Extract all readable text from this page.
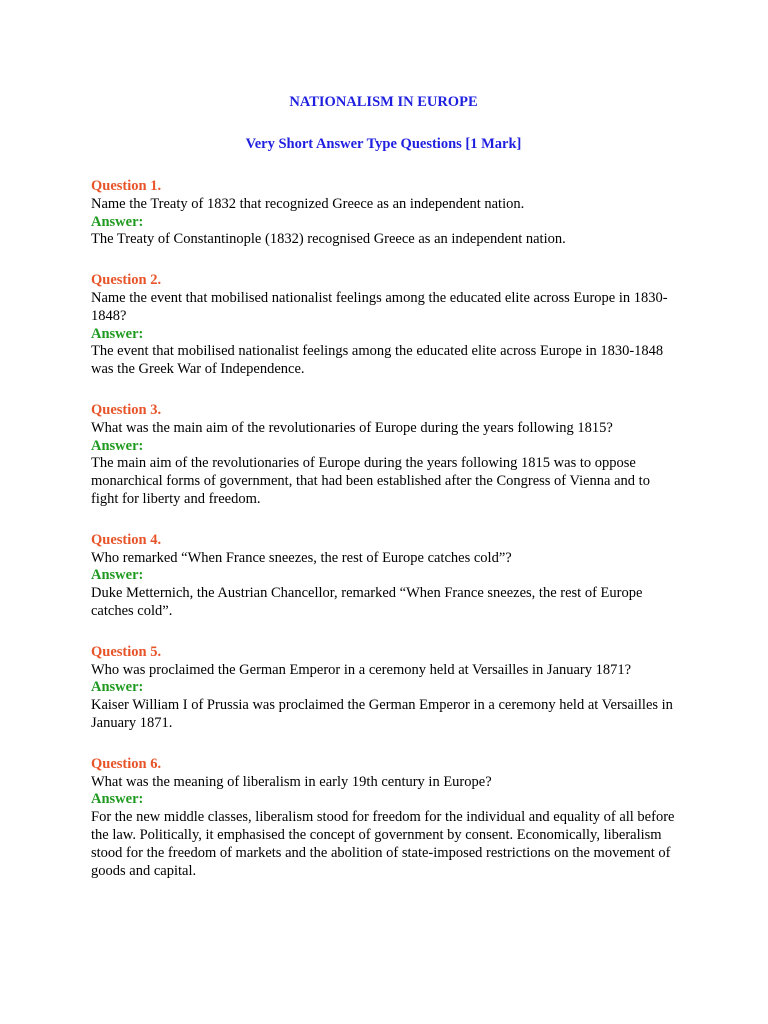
NATIONALISM IN EUROPE
Very Short Answer Type Questions [1 Mark]
Question 1.
Name the Treaty of 1832 that recognized Greece as an independent nation.
Answer:
The Treaty of Constantinople (1832) recognised Greece as an independent nation.
Question 2.
Name the event that mobilised nationalist feelings among the educated elite across Europe in 1830-1848?
Answer:
The event that mobilised nationalist feelings among the educated elite across Europe in 1830-1848 was the Greek War of Independence.
Question 3.
What was the main aim of the revolutionaries of Europe during the years following 1815?
Answer:
The main aim of the revolutionaries of Europe during the years following 1815 was to oppose monarchical forms of government, that had been established after the Congress of Vienna and to fight for liberty and freedom.
Question 4.
Who remarked “When France sneezes, the rest of Europe catches cold”?
Answer:
Duke Metternich, the Austrian Chancellor, remarked “When France sneezes, the rest of Europe catches cold”.
Question 5.
Who was proclaimed the German Emperor in a ceremony held at Versailles in January 1871?
Answer:
Kaiser William I of Prussia was proclaimed the German Emperor in a ceremony held at Versailles in January 1871.
Question 6.
What was the meaning of liberalism in early 19th century in Europe?
Answer:
For the new middle classes, liberalism stood for freedom for the individual and equality of all before the law. Politically, it emphasised the concept of government by consent. Economically, liberalism stood for the freedom of markets and the abolition of state-imposed restrictions on the movement of goods and capital.
